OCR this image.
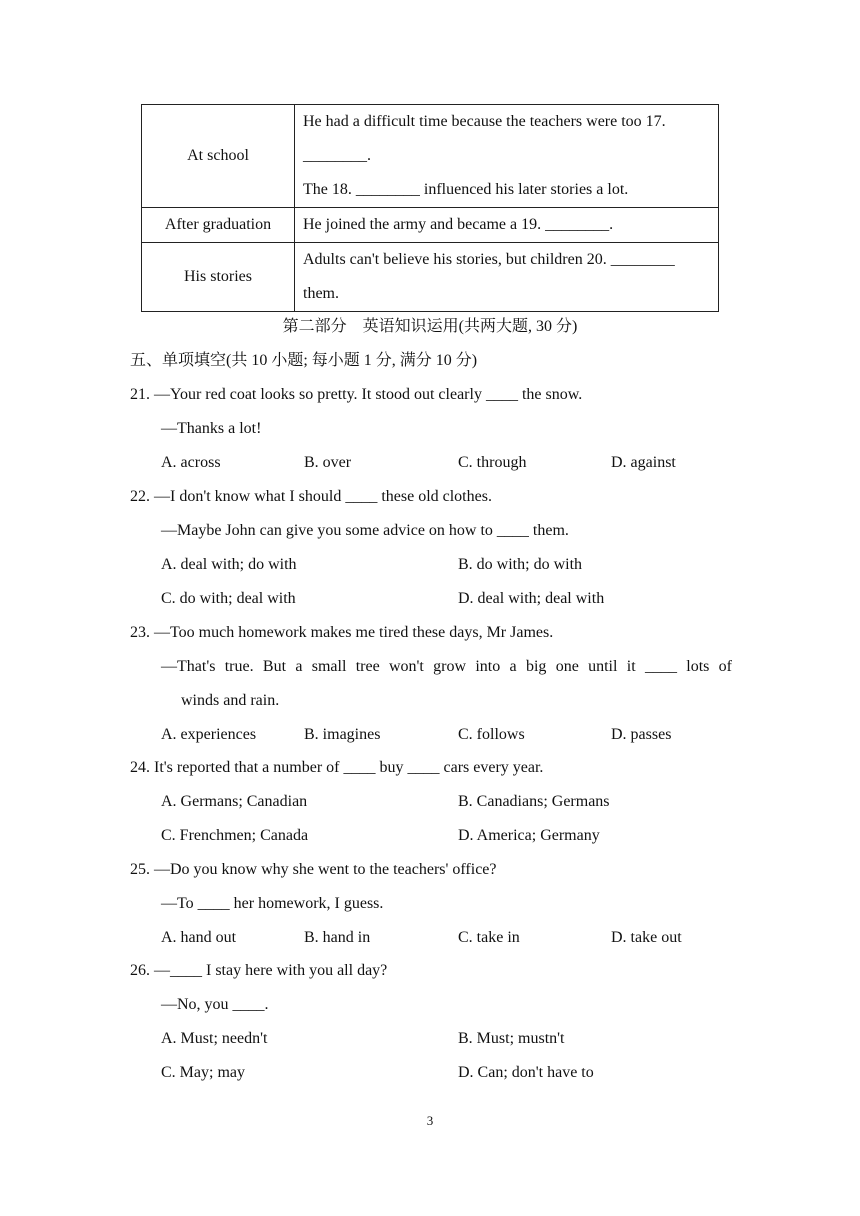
At school	He had a difficult time because the teachers were too 17.
________.
The 18. ________ influenced his later stories a lot.

After graduation	He joined the army and became a 19. ________.

His stories	Adults can't believe his stories, but children 20. ________
them.
第二部分　英语知识运用(共两大题, 30 分)
五、单项填空(共 10 小题; 每小题 1 分, 满分 10 分)
21. —Your red coat looks so pretty. It stood out clearly ____ the snow.
—Thanks a lot!
A. across	B. over	C. through	D. against
22. —I don't know what I should ____ these old clothes.
—Maybe John can give you some advice on how to ____ them.
A. deal with; do with	B. do with; do with
C. do with; deal with	D. deal with; deal with
23. —Too much homework makes me tired these days, Mr James.
—That's true. But a small tree won't grow into a big one until it ____ lots of
winds and rain.
A. experiences	B. imagines	C. follows	D. passes
24. It's reported that a number of ____ buy ____ cars every year.
A. Germans; Canadian	B. Canadians; Germans
C. Frenchmen; Canada	D. America; Germany
25. —Do you know why she went to the teachers' office?
—To ____ her homework, I guess.
A. hand out	B. hand in	C. take in	D. take out
26. —____ I stay here with you all day?
—No, you ____.
A. Must; needn't	B. Must; mustn't
C. May; may	D. Can; don't have to
3
